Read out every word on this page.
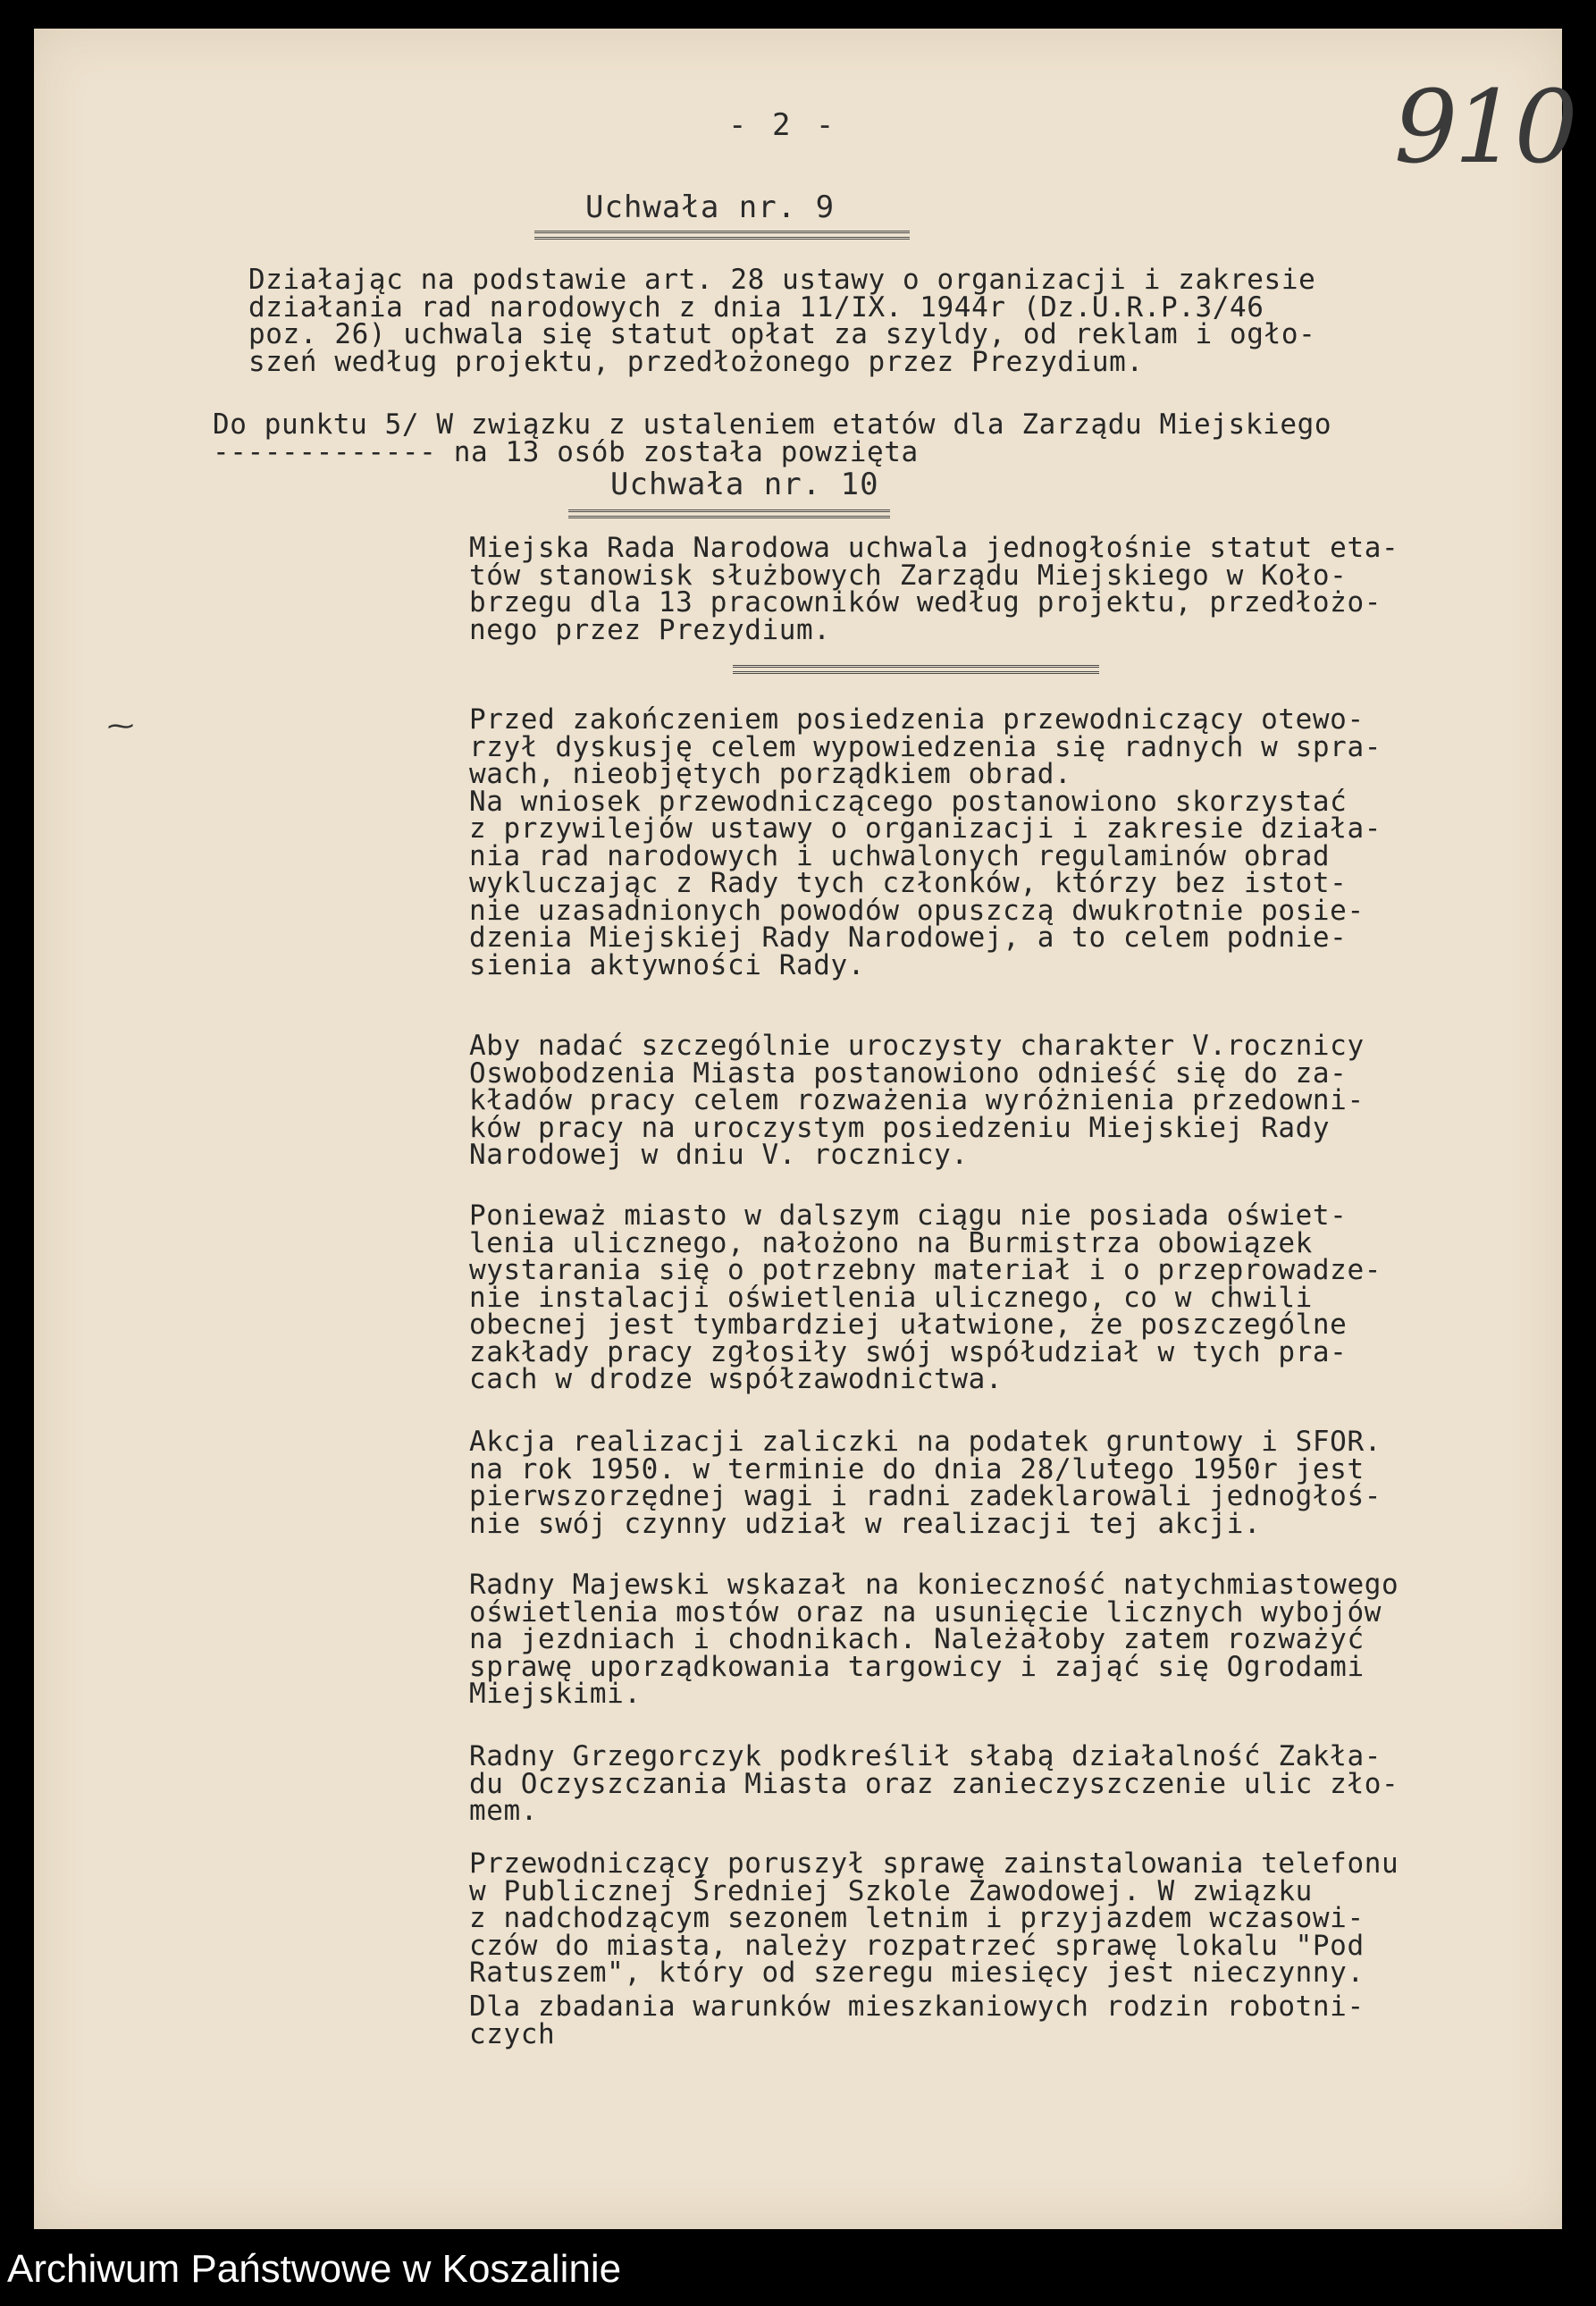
- 2 -	910
Uchwała nr. 9
Działając na podstawie art. 28 ustawy o organizacji i zakresie
działania rad narodowych z dnia 11/IX. 1944r (Dz.U.R.P.3/46
poz. 26) uchwala się statut opłat za szyldy, od reklam i ogło-
szeń według projektu, przedłożonego przez Prezydium.
Do punktu 5/ W związku z ustaleniem etatów dla Zarządu Miejskiego
------------- na 13 osób została powzięta
Uchwała nr. 10
Miejska Rada Narodowa uchwala jednogłośnie statut eta-
tów stanowisk służbowych Zarządu Miejskiego w Koło-
brzegu dla 13 pracowników według projektu, przedłożo-
nego przez Prezydium.
⁓	Przed zakończeniem posiedzenia przewodniczący otewo-
rzył dyskusję celem wypowiedzenia się radnych w spra-
wach, nieobjętych porządkiem obrad.
Na wniosek przewodniczącego postanowiono skorzystać
z przywilejów ustawy o organizacji i zakresie działa-
nia rad narodowych i uchwalonych regulaminów obrad
wykluczając z Rady tych członków, którzy bez istot-
nie uzasadnionych powodów opuszczą dwukrotnie posie-
dzenia Miejskiej Rady Narodowej, a to celem podnie-
sienia aktywności Rady.
Aby nadać szczególnie uroczysty charakter V.rocznicy
Oswobodzenia Miasta postanowiono odnieść się do za-
kładów pracy celem rozważenia wyróżnienia przedowni-
ków pracy na uroczystym posiedzeniu Miejskiej Rady
Narodowej w dniu V. rocznicy.
Ponieważ miasto w dalszym ciągu nie posiada oświet-
lenia ulicznego, nałożono na Burmistrza obowiązek
wystarania się o potrzebny materiał i o przeprowadze-
nie instalacji oświetlenia ulicznego, co w chwili
obecnej jest tymbardziej ułatwione, że poszczególne
zakłady pracy zgłosiły swój współudział w tych pra-
cach w drodze współzawodnictwa.
Akcja realizacji zaliczki na podatek gruntowy i SFOR.
na rok 1950. w terminie do dnia 28/lutego 1950r jest
pierwszorzędnej wagi i radni zadeklarowali jednogłoś-
nie swój czynny udział w realizacji tej akcji.
Radny Majewski wskazał na konieczność natychmiastowego
oświetlenia mostów oraz na usunięcie licznych wybojów
na jezdniach i chodnikach. Należałoby zatem rozważyć
sprawę uporządkowania targowicy i zająć się Ogrodami
Miejskimi.
Radny Grzegorczyk podkreślił słabą działalność Zakła-
du Oczyszczania Miasta oraz zanieczyszczenie ulic zło-
mem.
Przewodniczący poruszył sprawę zainstalowania telefonu
w Publicznej Średniej Szkole Zawodowej. W związku
z nadchodzącym sezonem letnim i przyjazdem wczasowi-
czów do miasta, należy rozpatrzeć sprawę lokalu "Pod
Ratuszem", który od szeregu miesięcy jest nieczynny.
Dla zbadania warunków mieszkaniowych rodzin robotni-
czych
Archiwum Państwowe w Koszalinie
